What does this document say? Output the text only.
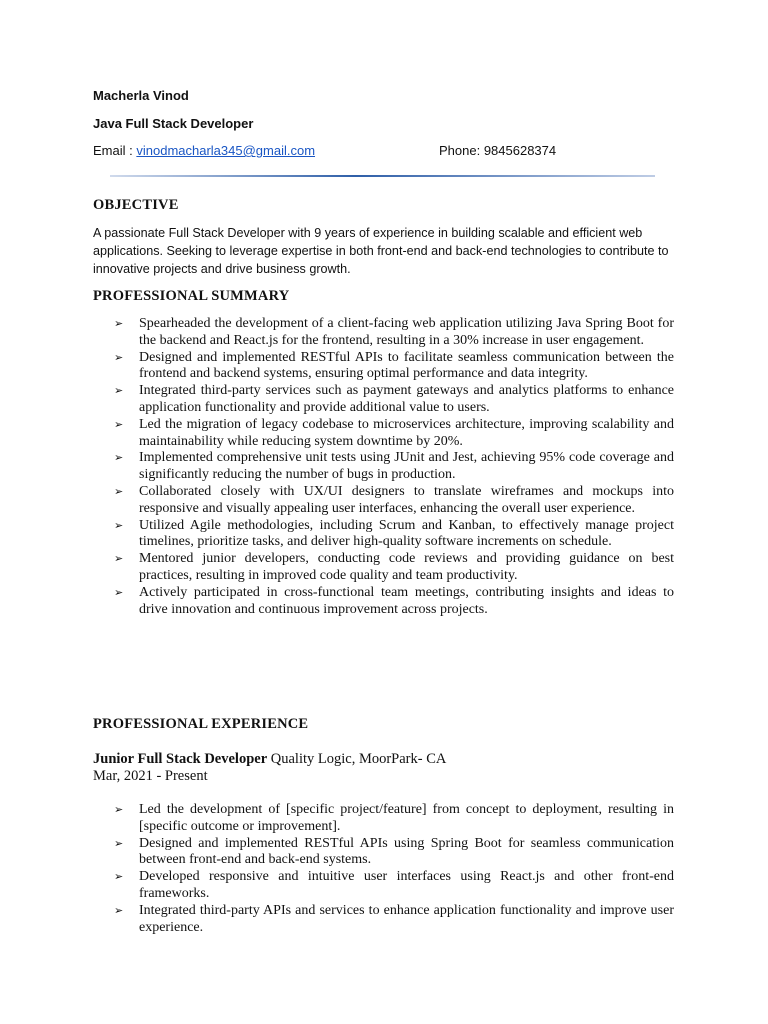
Macherla Vinod
Java Full Stack Developer
Email : vinodmacharla345@gmail.com	Phone: 9845628374
OBJECTIVE
A passionate Full Stack Developer with 9 years of experience in building scalable and efficient web applications. Seeking to leverage expertise in both front-end and back-end technologies to contribute to innovative projects and drive business growth.
PROFESSIONAL SUMMARY
➢ Spearheaded the development of a client-facing web application utilizing Java Spring Boot for the backend and React.js for the frontend, resulting in a 30% increase in user engagement.
➢ Designed and implemented RESTful APIs to facilitate seamless communication between the frontend and backend systems, ensuring optimal performance and data integrity.
➢ Integrated third-party services such as payment gateways and analytics platforms to enhance application functionality and provide additional value to users.
➢ Led the migration of legacy codebase to microservices architecture, improving scalability and maintainability while reducing system downtime by 20%.
➢ Implemented comprehensive unit tests using JUnit and Jest, achieving 95% code coverage and significantly reducing the number of bugs in production.
➢ Collaborated closely with UX/UI designers to translate wireframes and mockups into responsive and visually appealing user interfaces, enhancing the overall user experience.
➢ Utilized Agile methodologies, including Scrum and Kanban, to effectively manage project timelines, prioritize tasks, and deliver high-quality software increments on schedule.
➢ Mentored junior developers, conducting code reviews and providing guidance on best practices, resulting in improved code quality and team productivity.
➢ Actively participated in cross-functional team meetings, contributing insights and ideas to drive innovation and continuous improvement across projects.
PROFESSIONAL EXPERIENCE
Junior Full Stack Developer Quality Logic, MoorPark- CA
Mar, 2021 - Present
➢ Led the development of [specific project/feature] from concept to deployment, resulting in [specific outcome or improvement].
➢ Designed and implemented RESTful APIs using Spring Boot for seamless communication between front-end and back-end systems.
➢ Developed responsive and intuitive user interfaces using React.js and other front-end frameworks.
➢ Integrated third-party APIs and services to enhance application functionality and improve user experience.
